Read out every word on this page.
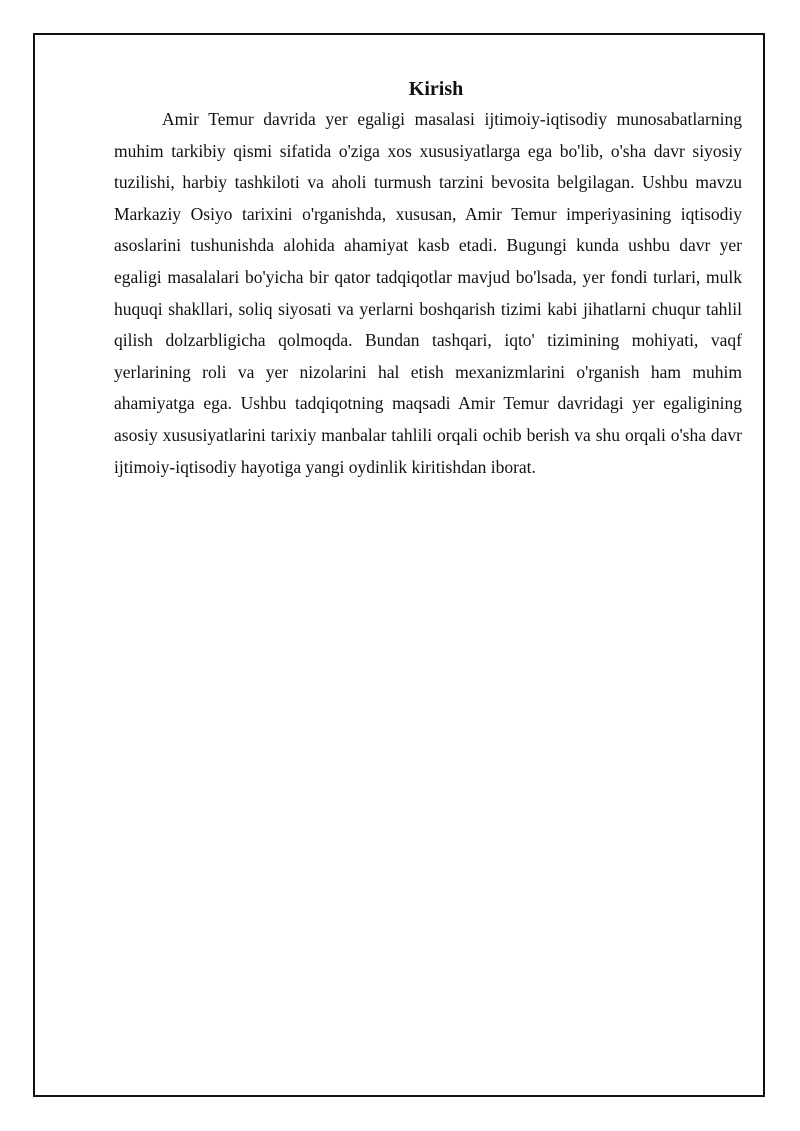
Kirish

Amir Temur davrida yer egaligi masalasi ijtimoiy-iqtisodiy munosabatlarning muhim tarkibiy qismi sifatida o'ziga xos xususiyatlarga ega bo'lib, o'sha davr siyosiy tuzilishi, harbiy tashkiloti va aholi turmush tarzini bevosita belgilagan. Ushbu mavzu Markaziy Osiyo tarixini o'rganishda, xususan, Amir Temur imperiyasining iqtisodiy asoslarini tushunishda alohida ahamiyat kasb etadi. Bugungi kunda ushbu davr yer egaligi masalalari bo'yicha bir qator tadqiqotlar mavjud bo'lsada, yer fondi turlari, mulk huquqi shakllari, soliq siyosati va yerlarni boshqarish tizimi kabi jihatlarni chuqur tahlil qilish dolzarbligicha qolmoqda. Bundan tashqari, iqto' tizimining mohiyati, vaqf yerlarining roli va yer nizolarini hal etish mexanizmlarini o'rganish ham muhim ahamiyatga ega. Ushbu tadqiqotning maqsadi Amir Temur davridagi yer egaligining asosiy xususiyatlarini tarixiy manbalar tahlili orqali ochib berish va shu orqali o'sha davr ijtimoiy-iqtisodiy hayotiga yangi oydinlik kiritishdan iborat.
